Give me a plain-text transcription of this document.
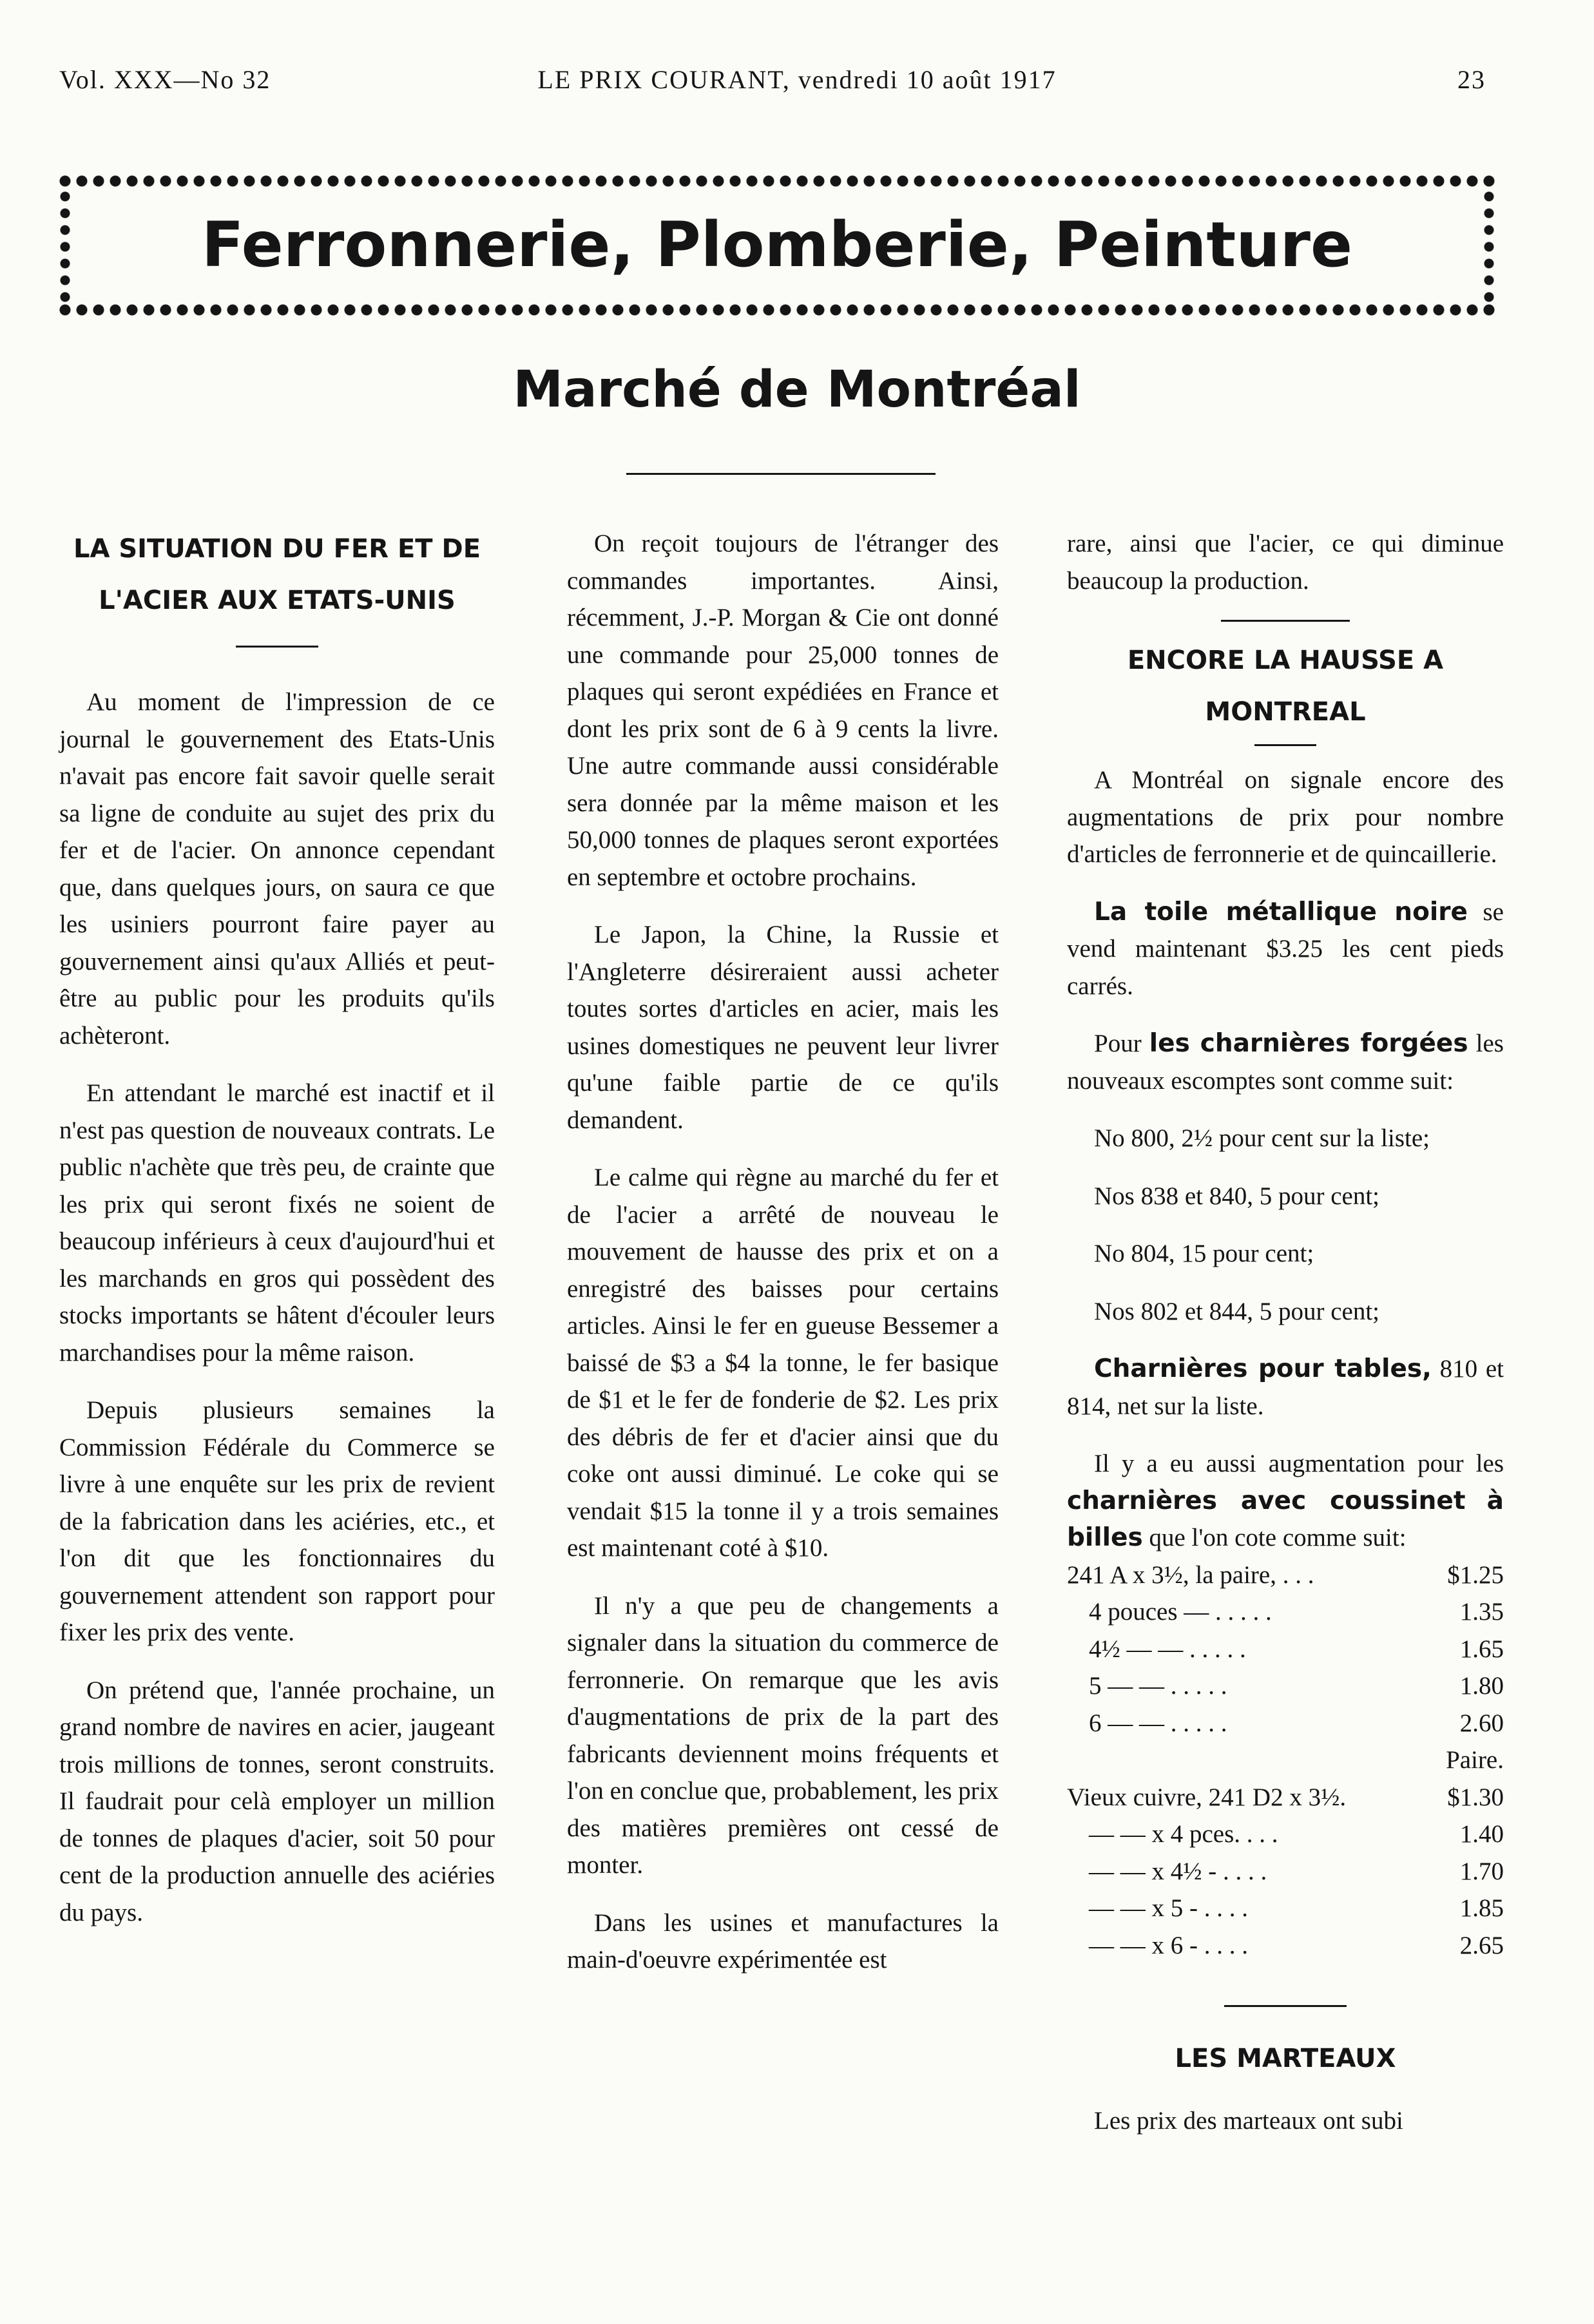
Vol. XXX—No 32	LE PRIX COURANT, vendredi 10 août 1917	23
Ferronnerie, Plomberie, Peinture
Marché de Montréal
LA SITUATION DU FER ET DE L'ACIER AUX ETATS-UNIS

Au moment de l'impression de ce journal le gouvernement des Etats-Unis n'avait pas encore fait savoir quelle serait sa ligne de conduite au sujet des prix du fer et de l'acier. On annonce cependant que, dans quelques jours, on saura ce que les usiniers pourront faire payer au gouvernement ainsi qu'aux Alliés et peut-être au public pour les produits qu'ils achèteront.

En attendant le marché est inactif et il n'est pas question de nouveaux contrats. Le public n'achète que très peu, de crainte que les prix qui seront fixés ne soient de beaucoup inférieurs à ceux d'aujourd'hui et les marchands en gros qui possèdent des stocks importants se hâtent d'écouler leurs marchandises pour la même raison.

Depuis plusieurs semaines la Commission Fédérale du Commerce se livre à une enquête sur les prix de revient de la fabrication dans les aciéries, etc., et l'on dit que les fonctionnaires du gouvernement attendent son rapport pour fixer les prix des vente.

On prétend que, l'année prochaine, un grand nombre de navires en acier, jaugeant trois millions de tonnes, seront construits. Il faudrait pour celà employer un million de tonnes de plaques d'acier, soit 50 pour cent de la production annuelle des aciéries du pays.

On reçoit toujours de l'étranger des commandes importantes. Ainsi, récemment, J.-P. Morgan & Cie ont donné une commande pour 25,000 tonnes de plaques qui seront expédiées en France et dont les prix sont de 6 à 9 cents la livre. Une autre commande aussi considérable sera donnée par la même maison et les 50,000 tonnes de plaques seront exportées en septembre et octobre prochains.

Le Japon, la Chine, la Russie et l'Angleterre désireraient aussi acheter toutes sortes d'articles en acier, mais les usines domestiques ne peuvent leur livrer qu'une faible partie de ce qu'ils demandent.

Le calme qui règne au marché du fer et de l'acier a arrêté de nouveau le mouvement de hausse des prix et on a enregistré des baisses pour certains articles. Ainsi le fer en gueuse Bessemer a baissé de $3 a $4 la tonne, le fer basique de $1 et le fer de fonderie de $2. Les prix des débris de fer et d'acier ainsi que du coke ont aussi diminué. Le coke qui se vendait $15 la tonne il y a trois semaines est maintenant coté à $10.

Il n'y a que peu de changements a signaler dans la situation du commerce de ferronnerie. On remarque que les avis d'augmentations de prix de la part des fabricants deviennent moins fréquents et l'on en conclue que, probablement, les prix des matières premières ont cessé de monter.

Dans les usines et manufactures la main-d'oeuvre expérimentée est

rare, ainsi que l'acier, ce qui diminue beaucoup la production.

ENCORE LA HAUSSE A MONTREAL

A Montréal on signale encore des augmentations de prix pour nombre d'articles de ferronnerie et de quincaillerie.

La toile métallique noire se vend maintenant $3.25 les cent pieds carrés.

Pour les charnières forgées les nouveaux escomptes sont comme suit:

No 800, 2½ pour cent sur la liste;

Nos 838 et 840, 5 pour cent;

No 804, 15 pour cent;

Nos 802 et 844, 5 pour cent;

Charnières pour tables, 810 et 814, net sur la liste.

Il y a eu aussi augmentation pour les charnières avec coussinet à billes que l'on cote comme suit:

241 A x 3½, la paire, . . .	$1.25
4 pouces — . . . . .	1.35
4½ — — . . . . .	1.65
5 — — . . . . .	1.80
6 — — . . . . .	2.60
Paire.
Vieux cuivre, 241 D2 x 3½.	$1.30
— — x 4 pces. . . .	1.40
— — x 4½ - . . . .	1.70
— — x 5 - . . . .	1.85
— — x 6 - . . . .	2.65
LES MARTEAUX

Les prix des marteaux ont subi
